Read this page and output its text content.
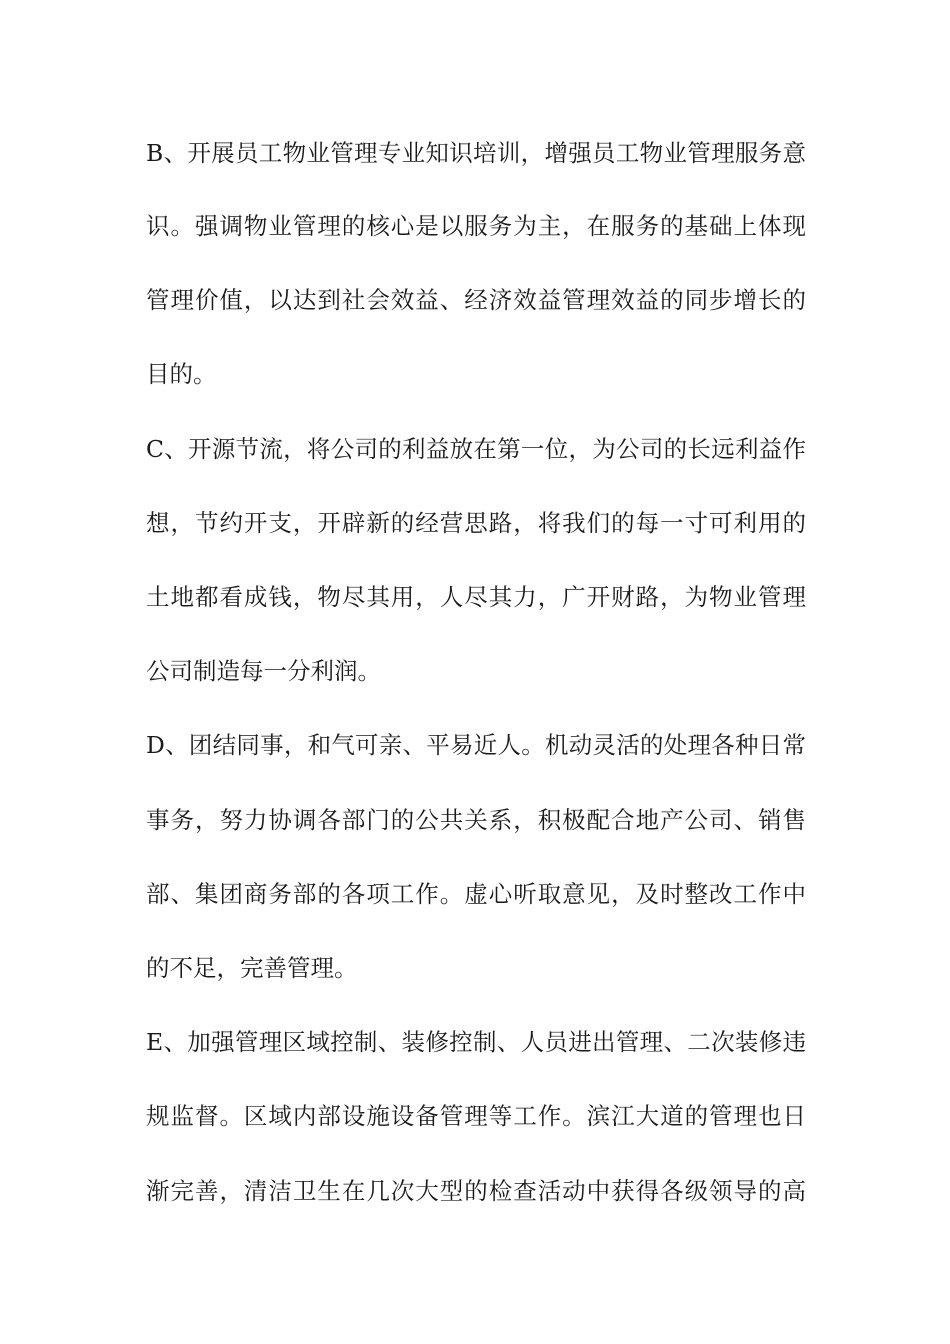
B、开展员工物业管理专业知识培训，增强员工物业管理服务意
识。强调物业管理的核心是以服务为主，在服务的基础上体现
管理价值，以达到社会效益、经济效益管理效益的同步增长的
目的。
C、开源节流，将公司的利益放在第一位，为公司的长远利益作
想，节约开支，开辟新的经营思路，将我们的每一寸可利用的
土地都看成钱，物尽其用，人尽其力，广开财路，为物业管理
公司制造每一分利润。
D、团结同事，和气可亲、平易近人。机动灵活的处理各种日常
事务，努力协调各部门的公共关系，积极配合地产公司、销售
部、集团商务部的各项工作。虚心听取意见，及时整改工作中
的不足，完善管理。
E、加强管理区域控制、装修控制、人员进出管理、二次装修违
规监督。区域内部设施设备管理等工作。滨江大道的管理也日
渐完善，清洁卫生在几次大型的检查活动中获得各级领导的高
